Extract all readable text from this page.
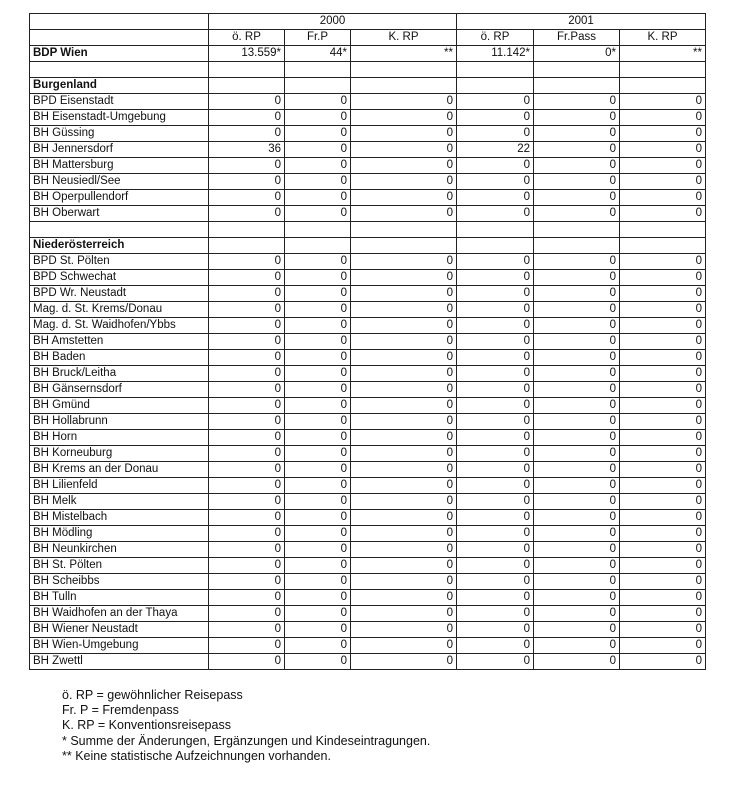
	2000			2001		
	ö. RP	Fr.P	K. RP	ö. RP	Fr.Pass	K. RP
BDP Wien	13.559*	44*	**	11.142*	0*	**

Burgenland						
BPD Eisenstadt	0	0	0	0	0	0
BH Eisenstadt-Umgebung	0	0	0	0	0	0
BH Güssing	0	0	0	0	0	0
BH Jennersdorf	36	0	0	22	0	0
BH Mattersburg	0	0	0	0	0	0
BH Neusiedl/See	0	0	0	0	0	0
BH Operpullendorf	0	0	0	0	0	0
BH Oberwart	0	0	0	0	0	0

Niederösterreich						
BPD St. Pölten	0	0	0	0	0	0
BPD Schwechat	0	0	0	0	0	0
BPD Wr. Neustadt	0	0	0	0	0	0
Mag. d. St. Krems/Donau	0	0	0	0	0	0
Mag. d. St. Waidhofen/Ybbs	0	0	0	0	0	0
BH Amstetten	0	0	0	0	0	0
BH Baden	0	0	0	0	0	0
BH Bruck/Leitha	0	0	0	0	0	0
BH Gänsernsdorf	0	0	0	0	0	0
BH Gmünd	0	0	0	0	0	0
BH Hollabrunn	0	0	0	0	0	0
BH Horn	0	0	0	0	0	0
BH Korneuburg	0	0	0	0	0	0
BH Krems an der Donau	0	0	0	0	0	0
BH Lilienfeld	0	0	0	0	0	0
BH Melk	0	0	0	0	0	0
BH Mistelbach	0	0	0	0	0	0
BH Mödling	0	0	0	0	0	0
BH Neunkirchen	0	0	0	0	0	0
BH St. Pölten	0	0	0	0	0	0
BH Scheibbs	0	0	0	0	0	0
BH Tulln	0	0	0	0	0	0
BH Waidhofen an der Thaya	0	0	0	0	0	0
BH Wiener Neustadt	0	0	0	0	0	0
BH Wien-Umgebung	0	0	0	0	0	0
BH Zwettl	0	0	0	0	0	0
ö. RP = gewöhnlicher Reisepass
Fr. P = Fremdenpass
K. RP = Konventionsreisepass
* Summe der Änderungen, Ergänzungen und Kindeseintragungen.
** Keine statistische Aufzeichnungen vorhanden.
